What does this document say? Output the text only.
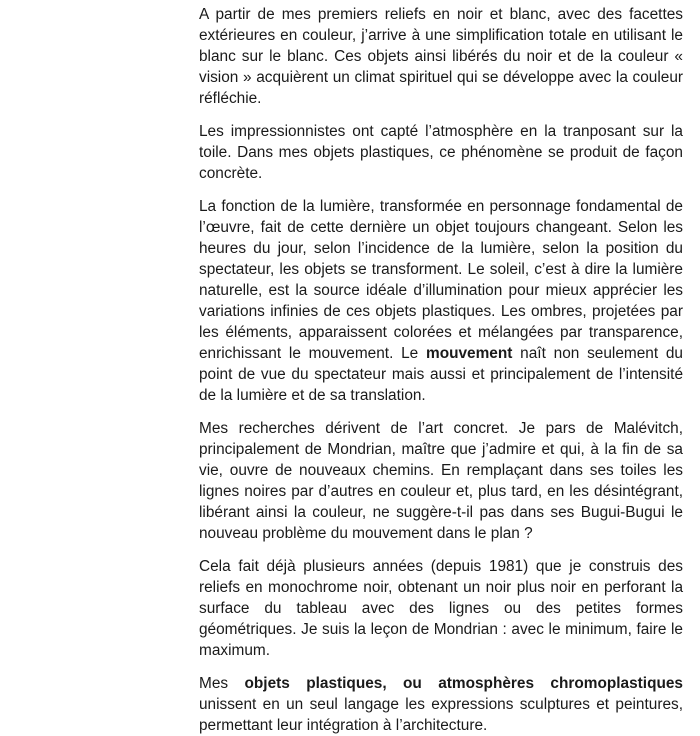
A partir de mes premiers reliefs en noir et blanc, avec des facettes extérieures en couleur, j’arrive à une simplification totale en utilisant le blanc sur le blanc. Ces objets ainsi libérés du noir et de la couleur « vision » acquièrent un climat spirituel qui se développe avec la couleur réfléchie.

Les impressionnistes ont capté l’atmosphère en la tranposant sur la toile. Dans mes objets plastiques, ce phénomène se produit de façon concrète.

La fonction de la lumière, transformée en personnage fondamental de l’œuvre, fait de cette dernière un objet toujours changeant. Selon les heures du jour, selon l’incidence de la lumière, selon la position du spectateur, les objets se transforment. Le soleil, c’est à dire la lumière naturelle, est la source idéale d’illumination pour mieux apprécier les variations infinies de ces objets plastiques. Les ombres, projetées par les éléments, apparaissent colorées et mélangées par transparence, enrichissant le mouvement. Le mouvement naît non seulement du point de vue du spectateur mais aussi et principalement de l’intensité de la lumière et de sa translation.

Mes recherches dérivent de l’art concret. Je pars de Malévitch, principalement de Mondrian, maître que j’admire et qui, à la fin de sa vie, ouvre de nouveaux chemins. En remplaçant dans ses toiles les lignes noires par d’autres en couleur et, plus tard, en les désintégrant, libérant ainsi la couleur, ne suggère-t-il pas dans ses Bugui-Bugui le nouveau problème du mouvement dans le plan ?

Cela fait déjà plusieurs années (depuis 1981) que je construis des reliefs en monochrome noir, obtenant un noir plus noir en perforant la surface du tableau avec des lignes ou des petites formes géométriques. Je suis la leçon de Mondrian : avec le minimum, faire le maximum.

Mes objets plastiques, ou atmosphères chromoplastiques unissent en un seul langage les expressions sculptures et peintures, permettant leur intégration à l’architecture.
